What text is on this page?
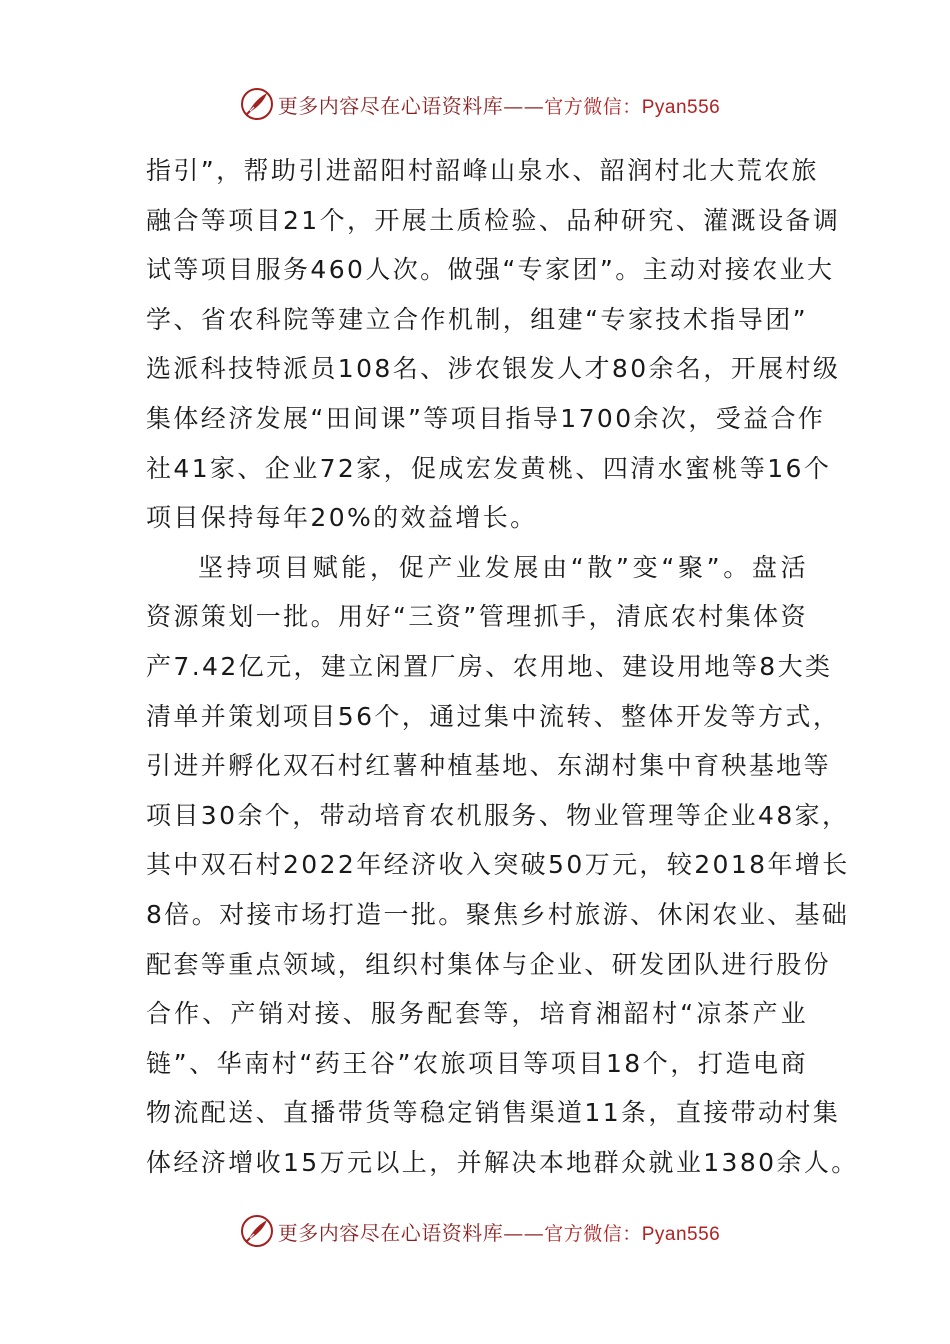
更多内容尽在心语资料库——官方微信：Pyan556

指引”，帮助引进韶阳村韶峰山泉水、韶润村北大荒农旅
融合等项目21个，开展土质检验、品种研究、灌溉设备调
试等项目服务460人次。做强“专家团”。主动对接农业大
学、省农科院等建立合作机制，组建“专家技术指导团”
选派科技特派员108名、涉农银发人才80余名，开展村级
集体经济发展“田间课”等项目指导1700余次，受益合作
社41家、企业72家，促成宏发黄桃、四清水蜜桃等16个
项目保持每年20%的效益增长。

坚持项目赋能，促产业发展由“散”变“聚”。盘活
资源策划一批。用好“三资”管理抓手，清底农村集体资
产7.42亿元，建立闲置厂房、农用地、建设用地等8大类
清单并策划项目56个，通过集中流转、整体开发等方式，
引进并孵化双石村红薯种植基地、东湖村集中育秧基地等
项目30余个，带动培育农机服务、物业管理等企业48家，
其中双石村2022年经济收入突破50万元，较2018年增长
8倍。对接市场打造一批。聚焦乡村旅游、休闲农业、基础
配套等重点领域，组织村集体与企业、研发团队进行股份
合作、产销对接、服务配套等，培育湘韶村“凉茶产业
链”、华南村“药王谷”农旅项目等项目18个，打造电商
物流配送、直播带货等稳定销售渠道11条，直接带动村集
体经济增收15万元以上，并解决本地群众就业1380余人。

更多内容尽在心语资料库——官方微信：Pyan556
